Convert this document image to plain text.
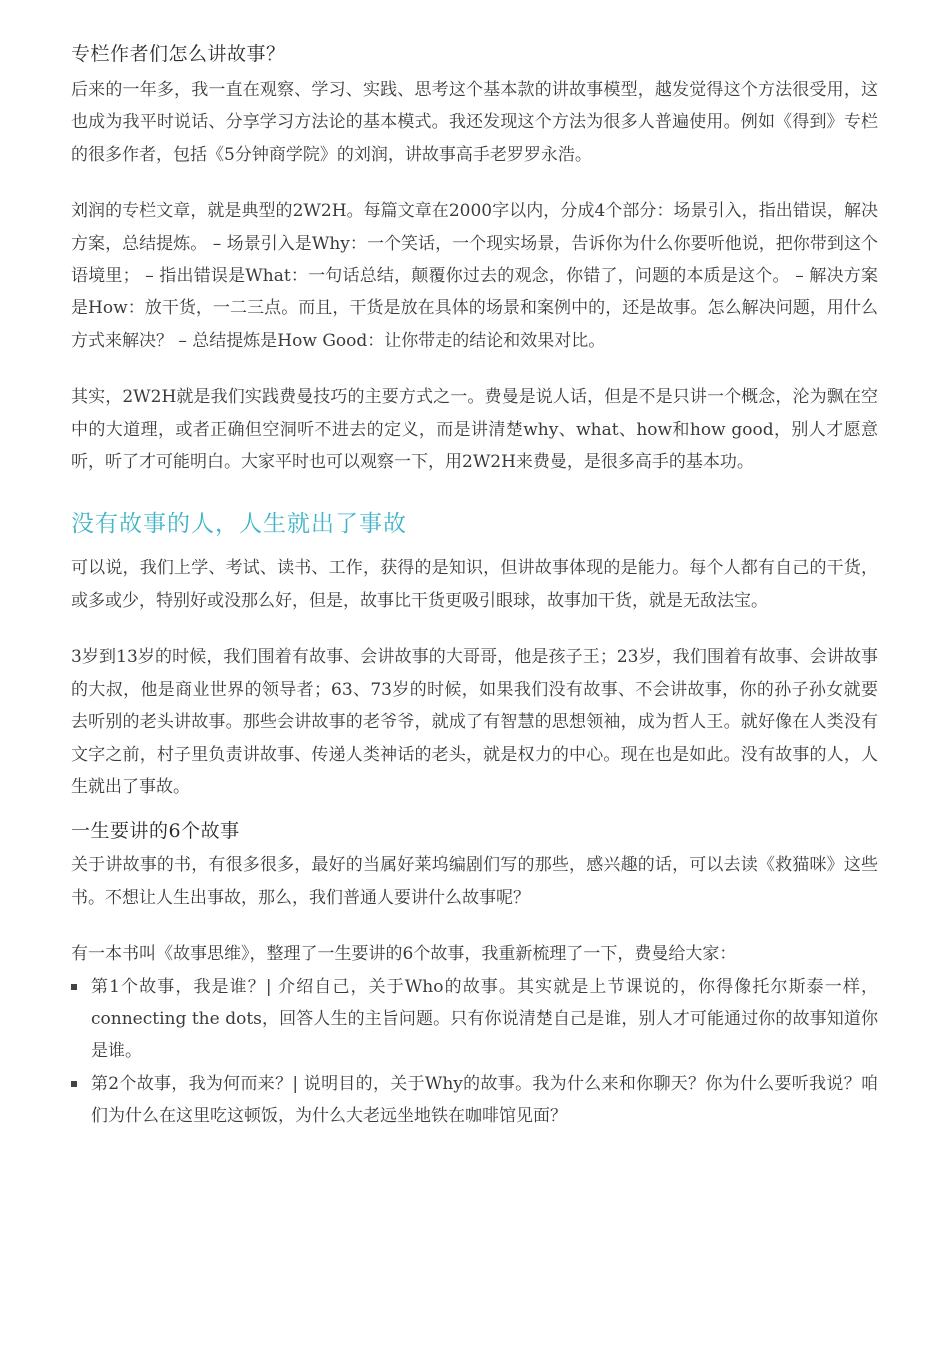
专栏作者们怎么讲故事？

后来的一年多，我一直在观察、学习、实践、思考这个基本款的讲故事模型，越发觉得这个方法很受用，这也成为我平时说话、分享学习方法论的基本模式。我还发现这个方法为很多人普遍使用。例如《得到》专栏的很多作者，包括《5分钟商学院》的刘润，讲故事高手老罗罗永浩。

刘润的专栏文章，就是典型的2W2H。每篇文章在2000字以内，分成4个部分：场景引入，指出错误，解决方案，总结提炼。 – 场景引入是Why：一个笑话，一个现实场景，告诉你为什么你要听他说，把你带到这个语境里； – 指出错误是What：一句话总结，颠覆你过去的观念，你错了，问题的本质是这个。 – 解决方案是How：放干货，一二三点。而且，干货是放在具体的场景和案例中的，还是故事。怎么解决问题，用什么方式来解决？ – 总结提炼是How Good：让你带走的结论和效果对比。

其实，2W2H就是我们实践费曼技巧的主要方式之一。费曼是说人话，但是不是只讲一个概念，沦为飘在空中的大道理，或者正确但空洞听不进去的定义，而是讲清楚why、what、how和how good，别人才愿意听，听了才可能明白。大家平时也可以观察一下，用2W2H来费曼，是很多高手的基本功。

没有故事的人，人生就出了事故

可以说，我们上学、考试、读书、工作，获得的是知识，但讲故事体现的是能力。每个人都有自己的干货，或多或少，特别好或没那么好，但是，故事比干货更吸引眼球，故事加干货，就是无敌法宝。

3岁到13岁的时候，我们围着有故事、会讲故事的大哥哥，他是孩子王；23岁，我们围着有故事、会讲故事的大叔，他是商业世界的领导者；63、73岁的时候，如果我们没有故事、不会讲故事，你的孙子孙女就要去听别的老头讲故事。那些会讲故事的老爷爷，就成了有智慧的思想领袖，成为哲人王。就好像在人类没有文字之前，村子里负责讲故事、传递人类神话的老头，就是权力的中心。现在也是如此。没有故事的人，人生就出了事故。

一生要讲的6个故事

关于讲故事的书，有很多很多，最好的当属好莱坞编剧们写的那些，感兴趣的话，可以去读《救猫咪》这些书。不想让人生出事故，那么，我们普通人要讲什么故事呢？

有一本书叫《故事思维》，整理了一生要讲的6个故事，我重新梳理了一下，费曼给大家：

第1个故事，我是谁？| 介绍自己，关于Who的故事。其实就是上节课说的，你得像托尔斯泰一样，connecting the dots，回答人生的主旨问题。只有你说清楚自己是谁，别人才可能通过你的故事知道你是谁。
第2个故事，我为何而来？| 说明目的，关于Why的故事。我为什么来和你聊天？你为什么要听我说？咱们为什么在这里吃这顿饭，为什么大老远坐地铁在咖啡馆见面？
